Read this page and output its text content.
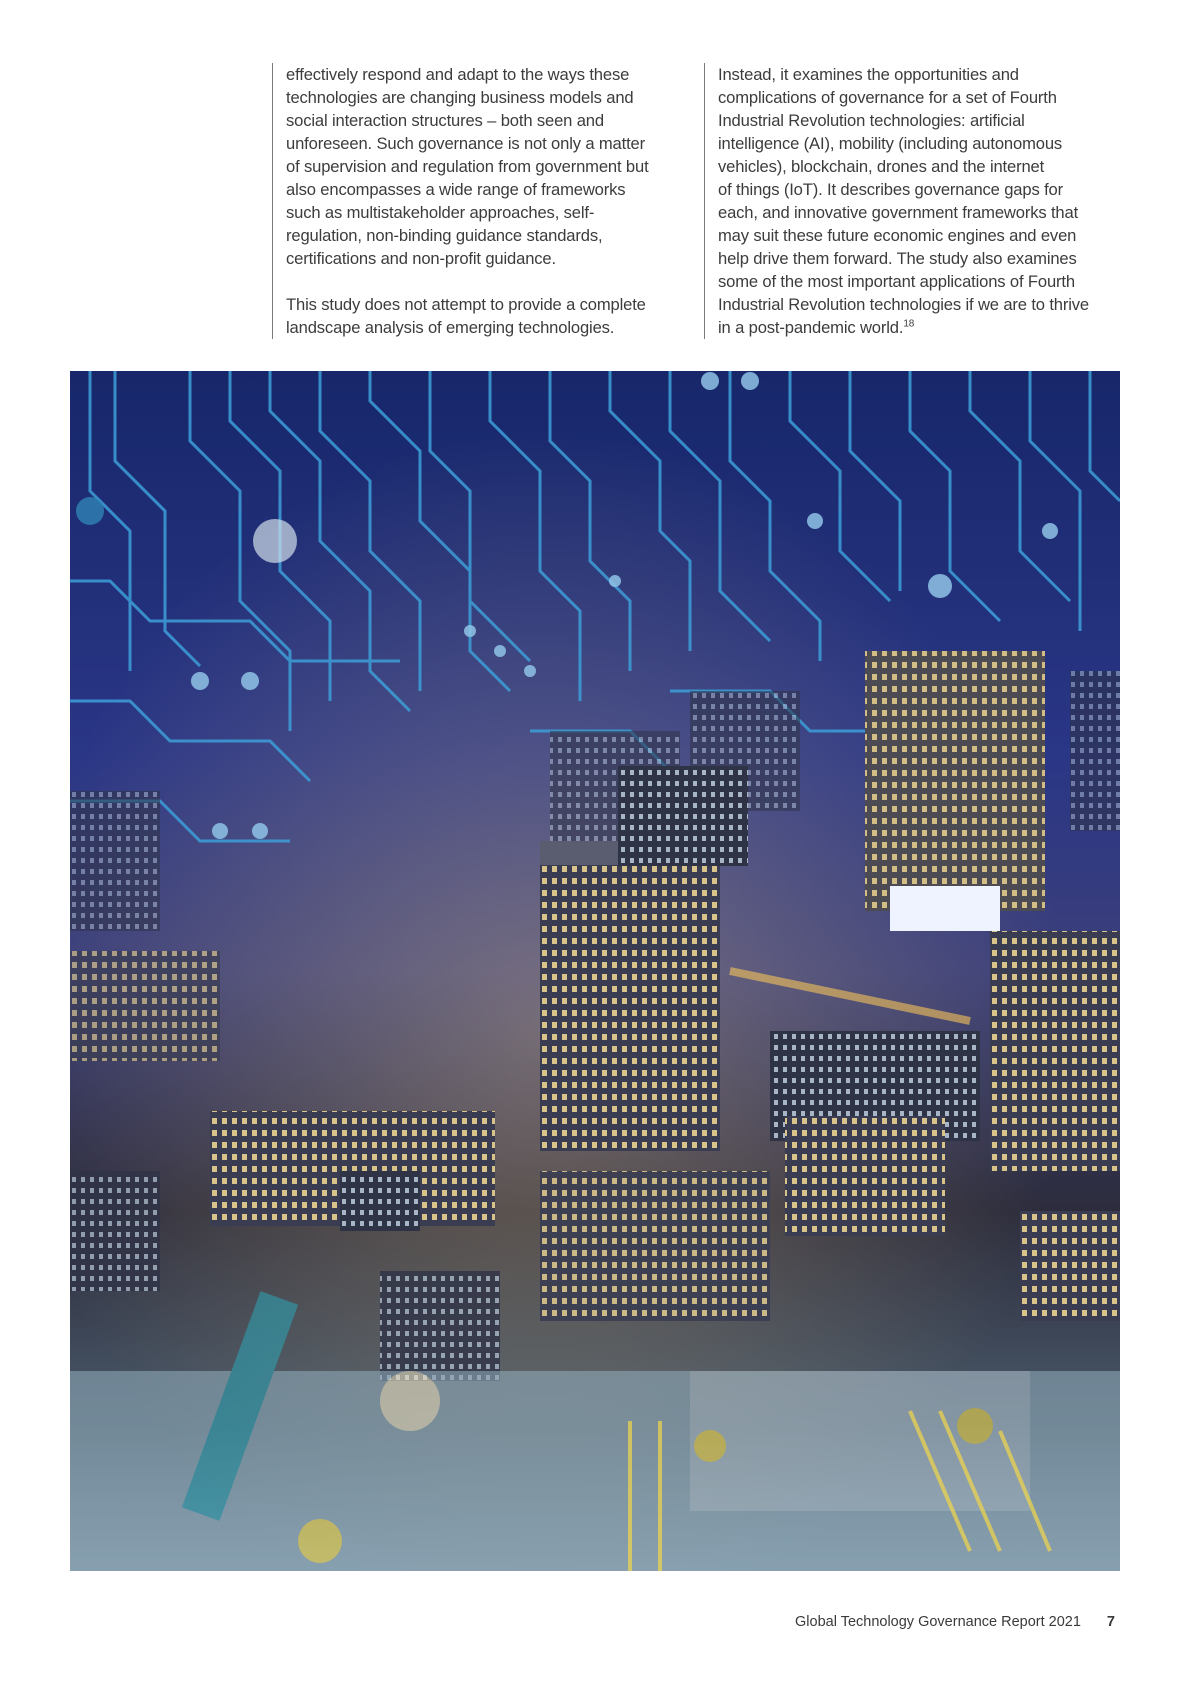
effectively respond and adapt to the ways these
technologies are changing business models and
social interaction structures – both seen and
unforeseen. Such governance is not only a matter
of supervision and regulation from government but
also encompasses a wide range of frameworks
such as multistakeholder approaches, self-
regulation, non-binding guidance standards,
certifications and non-profit guidance.

This study does not attempt to provide a complete
landscape analysis of emerging technologies.

Instead, it examines the opportunities and
complications of governance for a set of Fourth
Industrial Revolution technologies: artificial
intelligence (AI), mobility (including autonomous
vehicles), blockchain, drones and the internet
of things (IoT). It describes governance gaps for
each, and innovative government frameworks that
may suit these future economic engines and even
help drive them forward. The study also examines
some of the most important applications of Fourth
Industrial Revolution technologies if we are to thrive
in a post-pandemic world.$^{18}$

Global Technology Governance Report 2021 7
